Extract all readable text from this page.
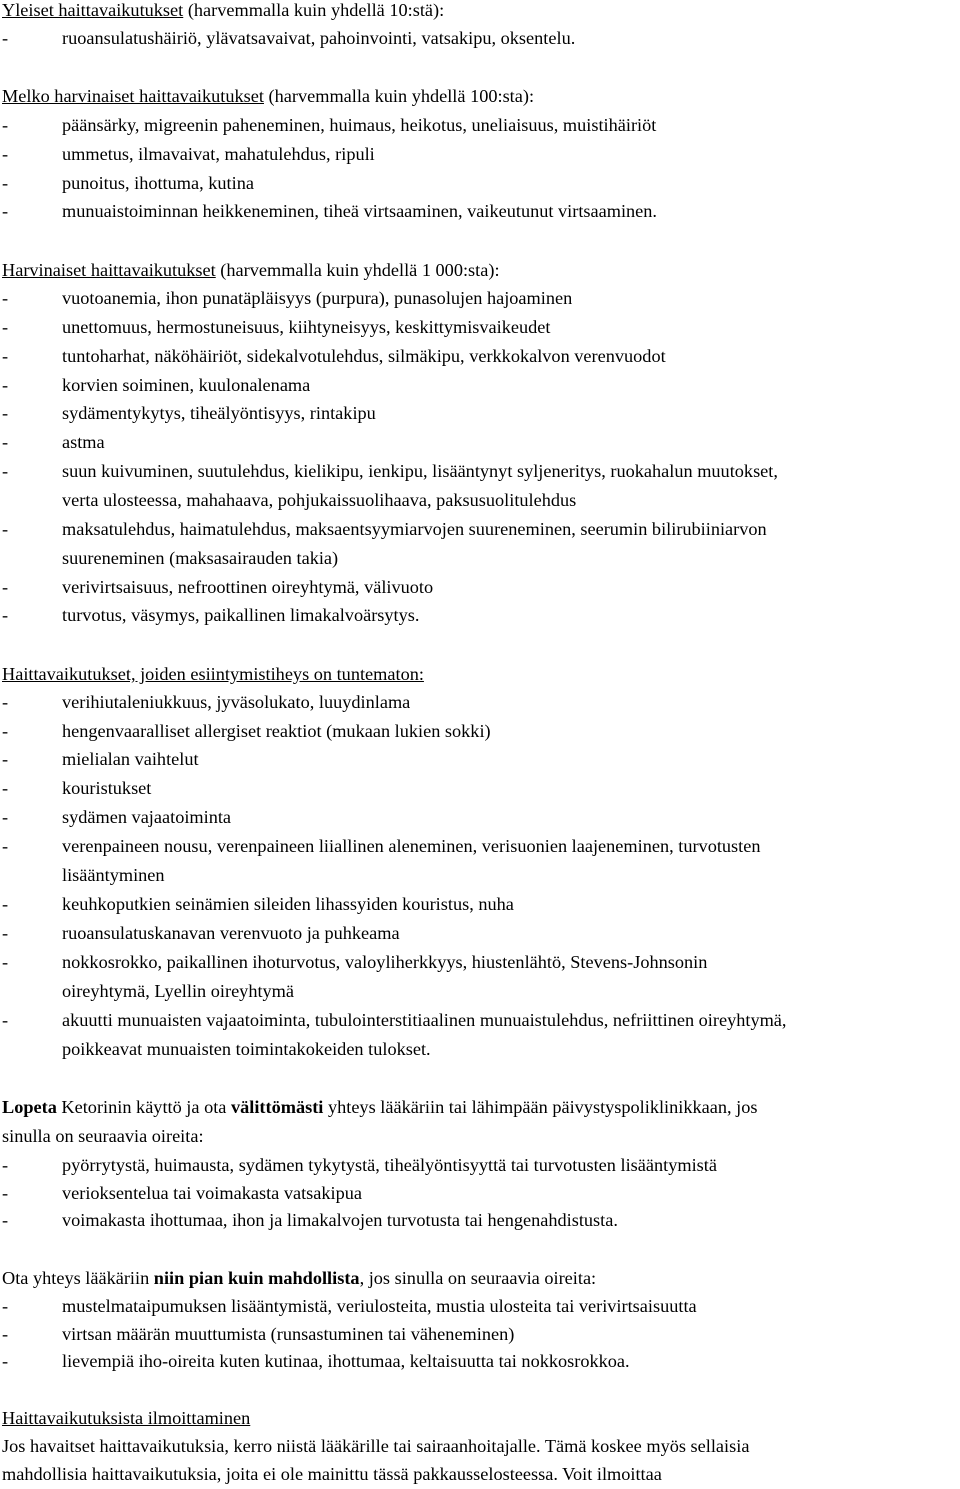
Yleiset haittavaikutukset (harvemmalla kuin yhdellä 10:stä):
-	ruoansulatushäiriö, ylävatsavaivat, pahoinvointi, vatsakipu, oksentelu.
Melko harvinaiset haittavaikutukset (harvemmalla kuin yhdellä 100:sta):
-	päänsärky, migreenin paheneminen, huimaus, heikotus, uneliaisuus, muistihäiriöt
-	ummetus, ilmavaivat, mahatulehdus, ripuli
-	punoitus, ihottuma, kutina
-	munuaistoiminnan heikkeneminen, tiheä virtsaaminen, vaikeutunut virtsaaminen.
Harvinaiset haittavaikutukset (harvemmalla kuin yhdellä 1 000:sta):
-	vuotoanemia, ihon punatäpläisyys (purpura), punasolujen hajoaminen
-	unettomuus, hermostuneisuus, kiihtyneisyys, keskittymisvaikeudet
-	tuntoharhat, näköhäiriöt, sidekalvotulehdus, silmäkipu, verkkokalvon verenvuodot
-	korvien soiminen, kuulonalenama
-	sydämentykytys, tiheälyöntisyys, rintakipu
-	astma
-	suun kuivuminen, suutulehdus, kielikipu, ienkipu, lisääntynyt syljeneritys, ruokahalun muutokset,
verta ulosteessa, mahahaava, pohjukaissuolihaava, paksusuolitulehdus
-	maksatulehdus, haimatulehdus, maksaentsyymiarvojen suureneminen, seerumin bilirubiiniarvon
suureneminen (maksasairauden takia)
-	verivirtsaisuus, nefroottinen oireyhtymä, välivuoto
-	turvotus, väsymys, paikallinen limakalvoärsytys.
Haittavaikutukset, joiden esiintymistiheys on tuntematon:
-	verihiutaleniukkuus, jyväsolukato, luuydinlama
-	hengenvaaralliset allergiset reaktiot (mukaan lukien sokki)
-	mielialan vaihtelut
-	kouristukset
-	sydämen vajaatoiminta
-	verenpaineen nousu, verenpaineen liiallinen aleneminen, verisuonien laajeneminen, turvotusten
lisääntyminen
-	keuhkoputkien seinämien sileiden lihassyiden kouristus, nuha
-	ruoansulatuskanavan verenvuoto ja puhkeama
-	nokkosrokko, paikallinen ihoturvotus, valoyliherkkyys, hiustenlähtö, Stevens-Johnsonin
oireyhtymä, Lyellin oireyhtymä
-	akuutti munuaisten vajaatoiminta, tubulointerstitiaalinen munuaistulehdus, nefriittinen oireyhtymä,
poikkeavat munuaisten toimintakokeiden tulokset.
Lopeta Ketorinin käyttö ja ota välittömästi yhteys lääkäriin tai lähimpään päivystyspoliklinikkaan, jos
sinulla on seuraavia oireita:
-	pyörrytystä, huimausta, sydämen tykytystä, tiheälyöntisyyttä tai turvotusten lisääntymistä
-	verioksentelua tai voimakasta vatsakipua
-	voimakasta ihottumaa, ihon ja limakalvojen turvotusta tai hengenahdistusta.
Ota yhteys lääkäriin niin pian kuin mahdollista, jos sinulla on seuraavia oireita:
-	mustelmataipumuksen lisääntymistä, veriulosteita, mustia ulosteita tai verivirtsaisuutta
-	virtsan määrän muuttumista (runsastuminen tai väheneminen)
-	lievempiä iho-oireita kuten kutinaa, ihottumaa, keltaisuutta tai nokkosrokkoa.
Haittavaikutuksista ilmoittaminen
Jos havaitset haittavaikutuksia, kerro niistä lääkärille tai sairaanhoitajalle. Tämä koskee myös sellaisia
mahdollisia haittavaikutuksia, joita ei ole mainittu tässä pakkausselosteessa. Voit ilmoittaa
